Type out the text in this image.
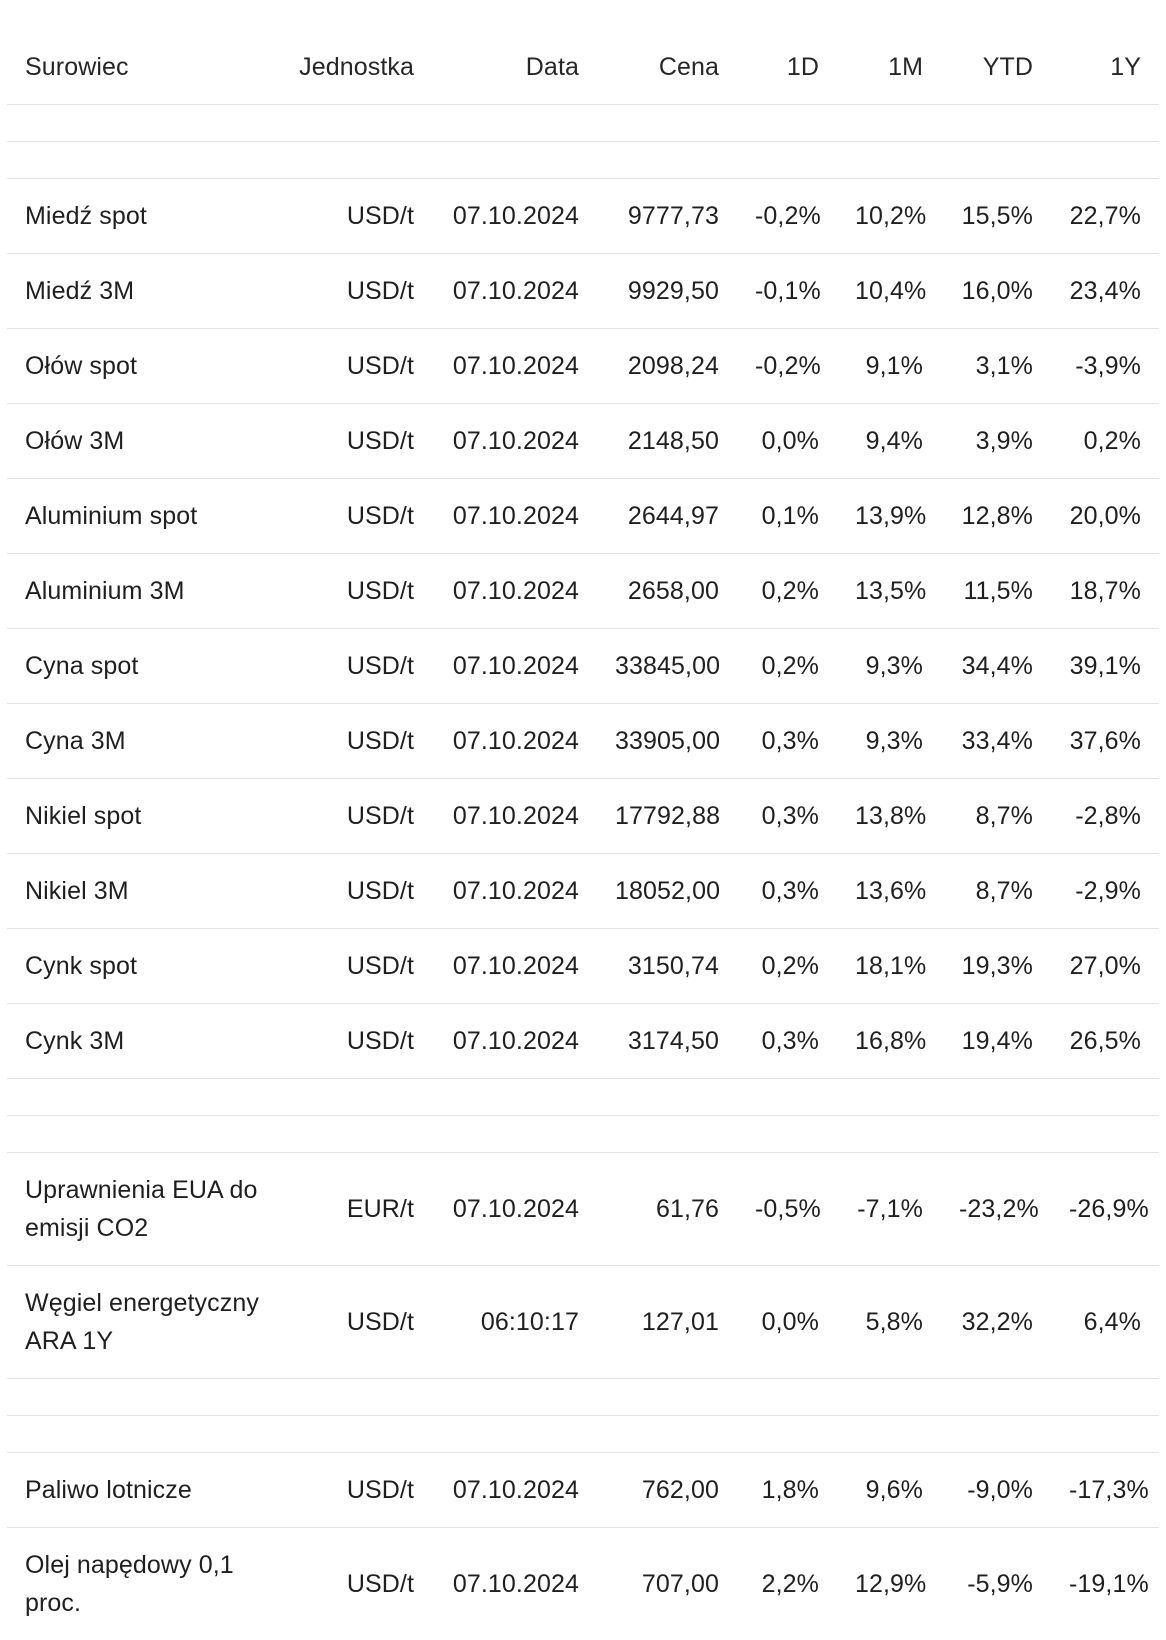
Surowiec	Jednostka	Data	Cena	1D	1M	YTD	1Y

Miedź spot	USD/t	07.10.2024	9777,73	-0,2%	10,2%	15,5%	22,7%
Miedź 3M	USD/t	07.10.2024	9929,50	-0,1%	10,4%	16,0%	23,4%
Ołów spot	USD/t	07.10.2024	2098,24	-0,2%	9,1%	3,1%	-3,9%
Ołów 3M	USD/t	07.10.2024	2148,50	0,0%	9,4%	3,9%	0,2%
Aluminium spot	USD/t	07.10.2024	2644,97	0,1%	13,9%	12,8%	20,0%
Aluminium 3M	USD/t	07.10.2024	2658,00	0,2%	13,5%	11,5%	18,7%
Cyna spot	USD/t	07.10.2024	33845,00	0,2%	9,3%	34,4%	39,1%
Cyna 3M	USD/t	07.10.2024	33905,00	0,3%	9,3%	33,4%	37,6%
Nikiel spot	USD/t	07.10.2024	17792,88	0,3%	13,8%	8,7%	-2,8%
Nikiel 3M	USD/t	07.10.2024	18052,00	0,3%	13,6%	8,7%	-2,9%
Cynk spot	USD/t	07.10.2024	3150,74	0,2%	18,1%	19,3%	27,0%
Cynk 3M	USD/t	07.10.2024	3174,50	0,3%	16,8%	19,4%	26,5%

Uprawnienia EUA do emisji CO2	EUR/t	07.10.2024	61,76	-0,5%	-7,1%	-23,2%	-26,9%
Węgiel energetyczny ARA 1Y	USD/t	06:10:17	127,01	0,0%	5,8%	32,2%	6,4%

Paliwo lotnicze	USD/t	07.10.2024	762,00	1,8%	9,6%	-9,0%	-17,3%
Olej napędowy 0,1 proc.	USD/t	07.10.2024	707,00	2,2%	12,9%	-5,9%	-19,1%
